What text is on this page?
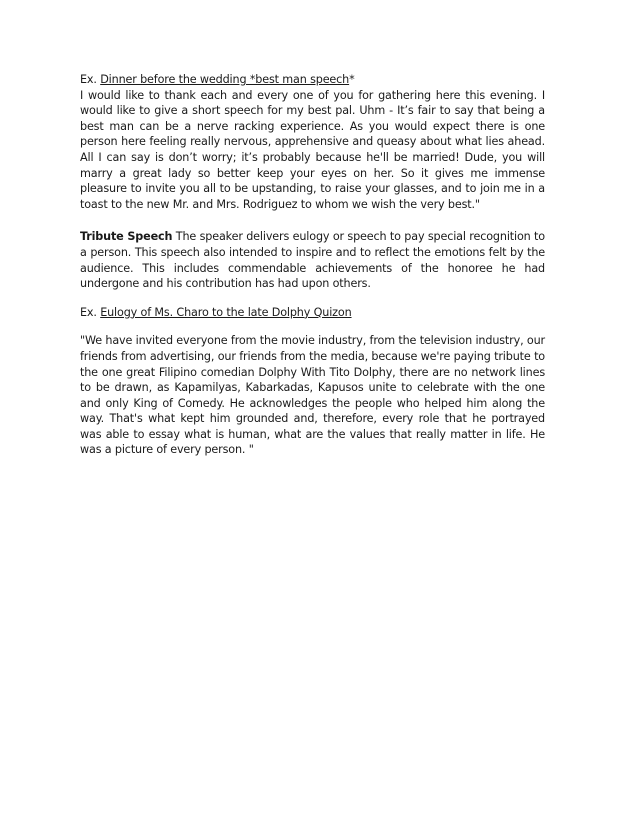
Ex. Dinner before the wedding *best man speech*
I would like to thank each and every one of you for gathering here this evening. I would like to give a short speech for my best pal. Uhm - It’s fair to say that being a best man can be a nerve racking experience. As you would expect there is one person here feeling really nervous, apprehensive and queasy about what lies ahead. All I can say is don’t worry; it’s probably because he'll be married! Dude, you will marry a great lady so better keep your eyes on her. So it gives me immense pleasure to invite you all to be upstanding, to raise your glasses, and to join me in a toast to the new Mr. and Mrs. Rodriguez to whom we wish the very best."

Tribute Speech The speaker delivers eulogy or speech to pay special recognition to a person. This speech also intended to inspire and to reflect the emotions felt by the audience. This includes commendable achievements of the honoree he had undergone and his contribution has had upon others.

Ex. Eulogy of Ms. Charo to the late Dolphy Quizon

"We have invited everyone from the movie industry, from the television industry, our friends from advertising, our friends from the media, because we're paying tribute to the one great Filipino comedian Dolphy With Tito Dolphy, there are no network lines to be drawn, as Kapamilyas, Kabarkadas, Kapusos unite to celebrate with the one and only King of Comedy. He acknowledges the people who helped him along the way. That's what kept him grounded and, therefore, every role that he portrayed was able to essay what is human, what are the values that really matter in life. He was a picture of every person. "
